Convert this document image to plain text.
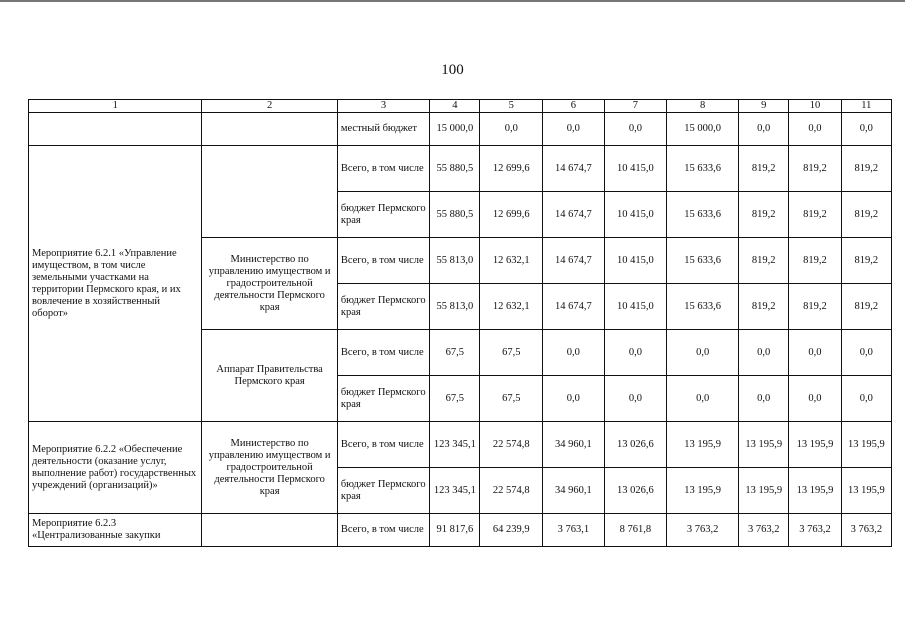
100
1	2	3	4	5	6	7	8	9	10	11
		местный бюджет	15 000,0	0,0	0,0	0,0	15 000,0	0,0	0,0	0,0
Мероприятие 6.2.1 «Управление имуществом, в том числе земельными участками на территории Пермского края, и их вовлечение в хозяйственный оборот»		Всего, в том числе	55 880,5	12 699,6	14 674,7	10 415,0	15 633,6	819,2	819,2	819,2
		бюджет Пермского края	55 880,5	12 699,6	14 674,7	10 415,0	15 633,6	819,2	819,2	819,2
	Министерство по управлению имуществом и градостроительной деятельности Пермского края	Всего, в том числе	55 813,0	12 632,1	14 674,7	10 415,0	15 633,6	819,2	819,2	819,2
		бюджет Пермского края	55 813,0	12 632,1	14 674,7	10 415,0	15 633,6	819,2	819,2	819,2
	Аппарат Правительства Пермского края	Всего, в том числе	67,5	67,5	0,0	0,0	0,0	0,0	0,0	0,0
		бюджет Пермского края	67,5	67,5	0,0	0,0	0,0	0,0	0,0	0,0
Мероприятие 6.2.2 «Обеспечение деятельности (оказание услуг, выполнение работ) государственных учреждений (организаций)»	Министерство по управлению имуществом и градостроительной деятельности Пермского края	Всего, в том числе	123 345,1	22 574,8	34 960,1	13 026,6	13 195,9	13 195,9	13 195,9	13 195,9
		бюджет Пермского края	123 345,1	22 574,8	34 960,1	13 026,6	13 195,9	13 195,9	13 195,9	13 195,9
Мероприятие 6.2.3 «Централизованные закупки		Всего, в том числе	91 817,6	64 239,9	3 763,1	8 761,8	3 763,2	3 763,2	3 763,2	3 763,2
